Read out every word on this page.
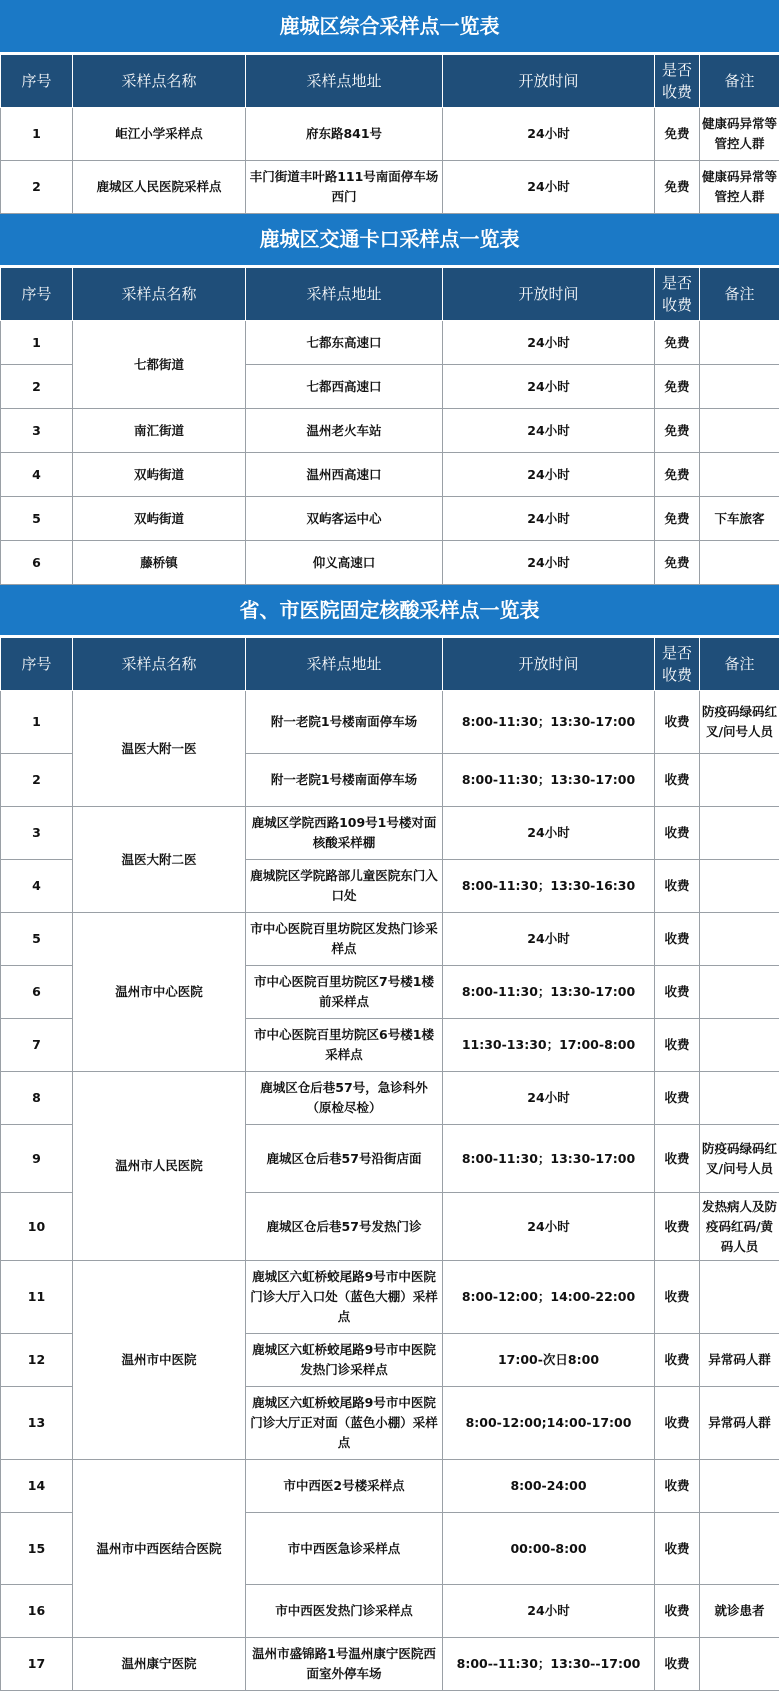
鹿城区综合采样点一览表
序号	采样点名称	采样点地址	开放时间	是否收费	备注
1	岠江小学采样点	府东路841号	24小时	免费	健康码异常等管控人群
2	鹿城区人民医院采样点	丰门街道丰叶路111号南面停车场西门	24小时	免费	健康码异常等管控人群
鹿城区交通卡口采样点一览表
序号	采样点名称	采样点地址	开放时间	是否收费	备注
1	七都街道	七都东高速口	24小时	免费	
2		七都西高速口	24小时	免费	
3	南汇街道	温州老火车站	24小时	免费	
4	双屿街道	温州西高速口	24小时	免费	
5	双屿街道	双屿客运中心	24小时	免费	下车旅客
6	藤桥镇	仰义高速口	24小时	免费	
省、市医院固定核酸采样点一览表
序号	采样点名称	采样点地址	开放时间	是否收费	备注
1	温医大附一医	附一老院1号楼南面停车场	8:00-11:30；13:30-17:00	收费	防疫码绿码红叉/问号人员
2		附一老院1号楼南面停车场	8:00-11:30；13:30-17:00	收费	
3	温医大附二医	鹿城区学院西路109号1号楼对面核酸采样棚	24小时	收费	
4		鹿城院区学院路部儿童医院东门入口处	8:00-11:30；13:30-16:30	收费	
5	温州市中心医院	市中心医院百里坊院区发热门诊采样点	24小时	收费	
6		市中心医院百里坊院区7号楼1楼前采样点	8:00-11:30；13:30-17:00	收费	
7		市中心医院百里坊院区6号楼1楼采样点	11:30-13:30；17:00-8:00	收费	
8	温州市人民医院	鹿城区仓后巷57号，急诊科外（原检尽检）	24小时	收费	
9		鹿城区仓后巷57号沿街店面	8:00-11:30；13:30-17:00	收费	防疫码绿码红叉/问号人员
10		鹿城区仓后巷57号发热门诊	24小时	收费	发热病人及防疫码红码/黄码人员
11	温州市中医院	鹿城区六虹桥蛟尾路9号市中医院门诊大厅入口处（蓝色大棚）采样点	8:00-12:00；14:00-22:00	收费	
12		鹿城区六虹桥蛟尾路9号市中医院发热门诊采样点	17:00-次日8:00	收费	异常码人群
13		鹿城区六虹桥蛟尾路9号市中医院门诊大厅正对面（蓝色小棚）采样点	8:00-12:00;14:00-17:00	收费	异常码人群
14	温州市中西医结合医院	市中西医2号楼采样点	8:00-24:00	收费	
15		市中西医急诊采样点	00:00-8:00	收费	
16		市中西医发热门诊采样点	24小时	收费	就诊患者
17	温州康宁医院	温州市盛锦路1号温州康宁医院西面室外停车场	8:00--11:30；13:30--17:00	收费	
